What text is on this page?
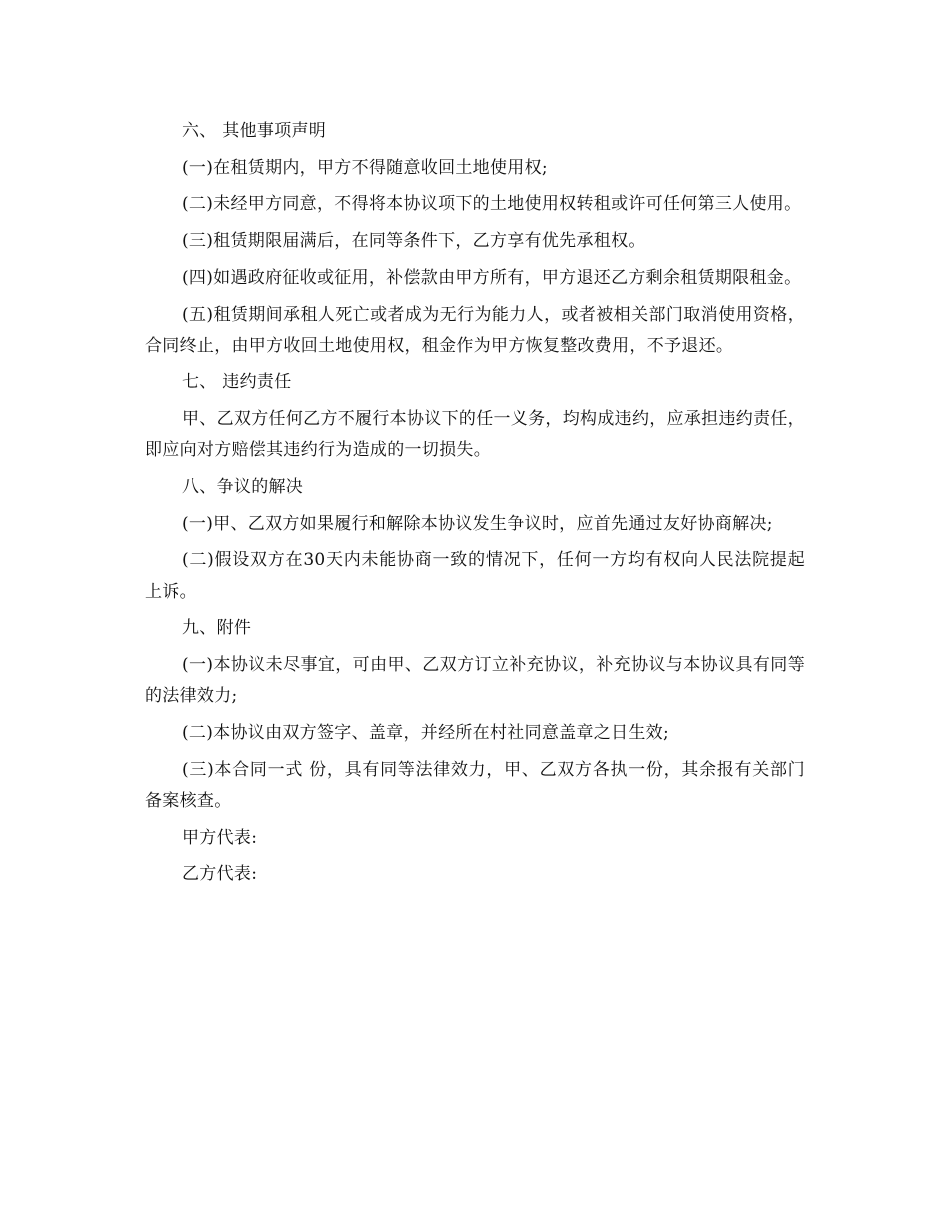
六、 其他事项声明

(一)在租赁期内，甲方不得随意收回土地使用权;

(二)未经甲方同意，不得将本协议项下的土地使用权转租或许可任何第三人使用。

(三)租赁期限届满后，在同等条件下，乙方享有优先承租权。

(四)如遇政府征收或征用，补偿款由甲方所有，甲方退还乙方剩余租赁期限租金。

(五)租赁期间承租人死亡或者成为无行为能力人，或者被相关部门取消使用资格，合同终止，由甲方收回土地使用权，租金作为甲方恢复整改费用，不予退还。

七、 违约责任

甲、乙双方任何乙方不履行本协议下的任一义务，均构成违约，应承担违约责任，即应向对方赔偿其违约行为造成的一切损失。

八、争议的解决

(一)甲、乙双方如果履行和解除本协议发生争议时，应首先通过友好协商解决;

(二)假设双方在30天内未能协商一致的情况下，任何一方均有权向人民法院提起上诉。

九、附件

(一)本协议未尽事宜，可由甲、乙双方订立补充协议，补充协议与本协议具有同等的法律效力;

(二)本协议由双方签字、盖章，并经所在村社同意盖章之日生效;

(三)本合同一式 份，具有同等法律效力，甲、乙双方各执一份，其余报有关部门备案核查。

甲方代表:

乙方代表:
